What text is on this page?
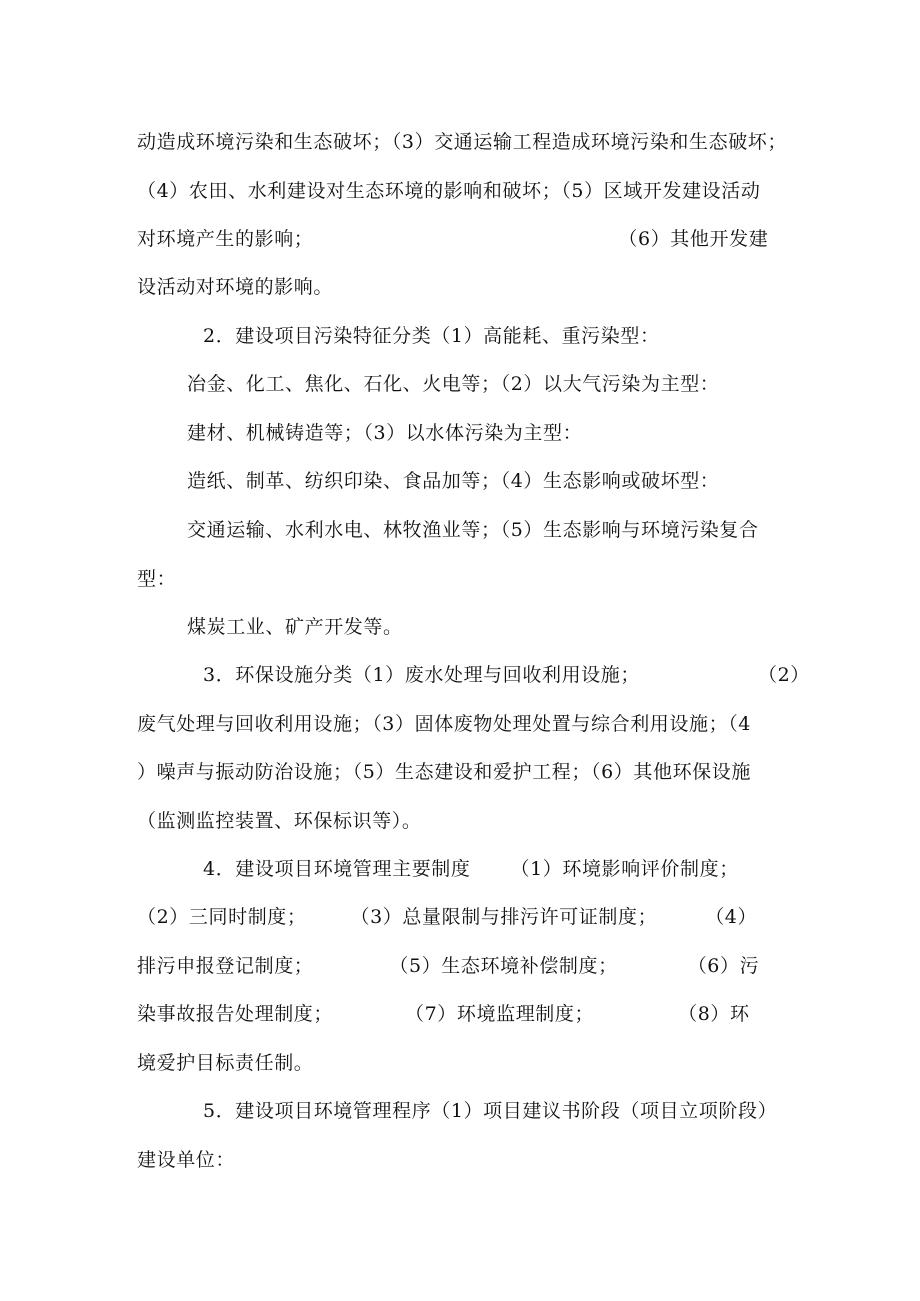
动造成环境污染和生态破坏；（3）交通运输工程造成环境污染和生态破坏；

（4）农田、水利建设对生态环境的影响和破坏；（5）区域开发建设活动

对环境产生的影响；	（6）其他开发建

设活动对环境的影响。

2．建设项目污染特征分类（1）高能耗、重污染型：

冶金、化工、焦化、石化、火电等；（2）以大气污染为主型：

建材、机械铸造等；（3）以水体污染为主型：

造纸、制革、纺织印染、食品加等；（4）生态影响或破坏型：

交通运输、水利水电、林牧渔业等；（5）生态影响与环境污染复合

型：

煤炭工业、矿产开发等。

3．环保设施分类（1）废水处理与回收利用设施；	（2）

废气处理与回收利用设施；（3）固体废物处理处置与综合利用设施；（4

）噪声与振动防治设施；（5）生态建设和爱护工程；（6）其他环保设施

（监测监控装置、环保标识等）。

4．建设项目环境管理主要制度 （1）环境影响评价制度；

（2）三同时制度； （3）总量限制与排污许可证制度；	（4）

排污申报登记制度；	（5）生态环境补偿制度；	（6）污

染事故报告处理制度；	（7）环境监理制度；	（8）环

境爱护目标责任制。

5．建设项目环境管理程序（1）项目建议书阶段（项目立项阶段）

建设单位：
